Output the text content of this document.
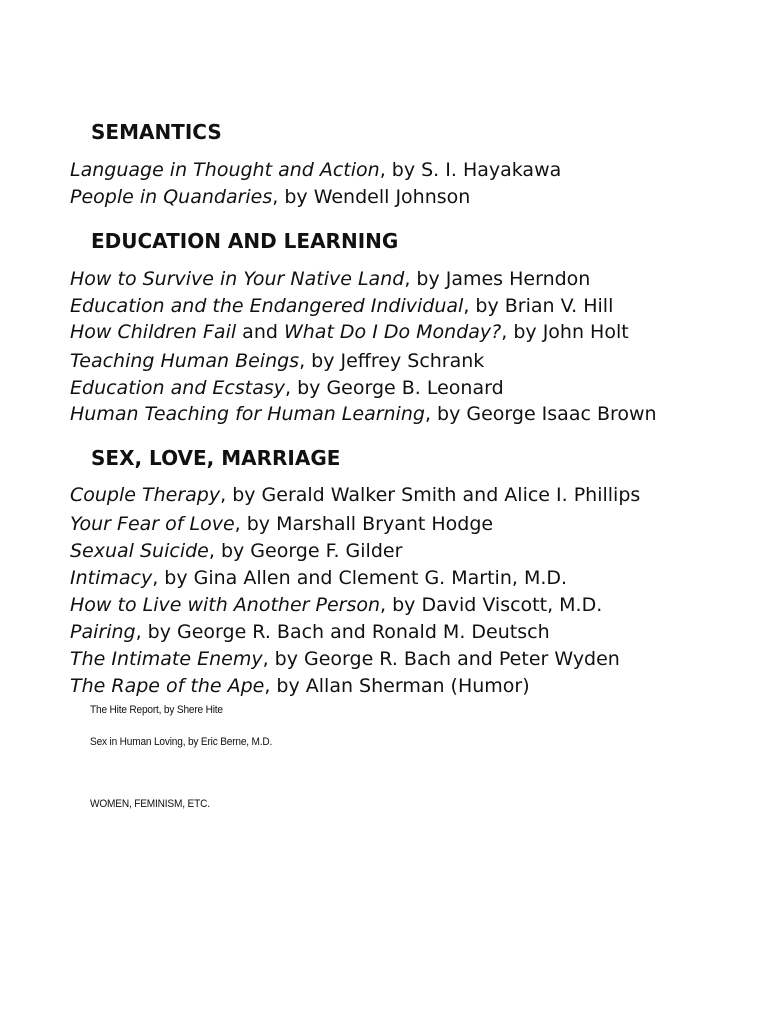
SEMANTICS
Language in Thought and Action, by S. I. Hayakawa
People in Quandaries, by Wendell Johnson
EDUCATION AND LEARNING
How to Survive in Your Native Land, by James Herndon
Education and the Endangered Individual, by Brian V. Hill
How Children Fail and What Do I Do Monday?, by John Holt
Teaching Human Beings, by Jeffrey Schrank
Education and Ecstasy, by George B. Leonard
Human Teaching for Human Learning, by George Isaac Brown
SEX, LOVE, MARRIAGE
Couple Therapy, by Gerald Walker Smith and Alice I. Phillips
Your Fear of Love, by Marshall Bryant Hodge
Sexual Suicide, by George F. Gilder
Intimacy, by Gina Allen and Clement G. Martin, M.D.
How to Live with Another Person, by David Viscott, M.D.
Pairing, by George R. Bach and Ronald M. Deutsch
The Intimate Enemy, by George R. Bach and Peter Wyden
The Rape of the Ape, by Allan Sherman (Humor)
The Hite Report, by Shere Hite
Sex in Human Loving, by Eric Berne, M.D.
WOMEN, FEMINISM, ETC.
